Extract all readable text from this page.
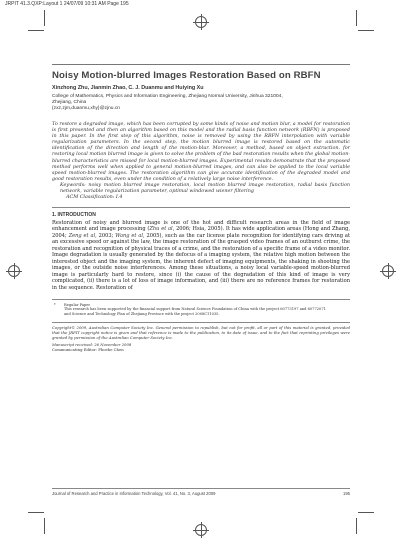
JRPIT 41.3.QXP:Layout 1 24/07/09 10:31 AM Page 195
Noisy Motion-blurred Images Restoration Based on RBFN
Xinzhong Zhu, Jianmin Zhao, C. J. Duanmu and Huiying Xu
College of Mathematics, Physics and Information Engineering, Zhejiang Normal University, Jinhua 321004,
Zhejiang, China
{zxz,zjm,duanmu,xhy}@zjnu.cn
To restore a degraded image, which has been corrupted by some kinds of noise and motion blur, a model for restoration is first presented and then an algorithm based on this model and the radial basis function network (RBFN) is proposed in this paper. In the first step of this algorithm, noise is removed by using the RBFN interpolation with variable regularization parameters. In the second step, the motion blurred image is restored based on the automatic identification of the direction and length of the motion-blur. Moreover, a method, based on object extraction, for restoring local motion blurred image is given to solve the problem of the bad restoration results when the global motion-blurred characteristics are missed for local motion-blurred images. Experimental results demonstrate that the proposed method performs well when applied to general motion-blurred images, and can also be applied to the local variable speed motion-blurred images. The restoration algorithm can give accurate identification of the degraded model and good restoration results, even under the condition of a relatively large noise interference.
Keywords: noisy motion blurred image restoration, local motion blurred image restoration, radial basis function network, variable regularization parameter, optimal windowed wiener filtering
ACM Classification: I.4
1. INTRODUCTION
Restoration of noisy and blurred image is one of the hot and difficult research areas in the field of image enhancement and image processing (Zhu et al, 2006; Hsia, 2005). It has wide application areas (Hong and Zhang, 2004; Zeng et al, 2003; Wang et al, 2005), such as the car license plate recognition for identifying cars driving at an excessive speed or against the law, the image restoration of the grasped video frames of an outburst crime, the restoration and recognition of physical traces of a crime, and the restoration of a specific frame of a video monitor. Image degradation is usually generated by the defocus of a imaging system, the relative high motion between the interested object and the imaging system, the inherent defect of imaging equipments, the shaking in shooting the images, or the outside noise interferences. Among these situations, a noisy local variable-speed motion-blurred image is particularly hard to restore, since (i) the cause of the degradation of this kind of image is very complicated, (ii) there is a lot of loss of image information, and (iii) there are no reference frames for restoration in the sequence. Restoration of
* Regular Paper
This research has been supported by the financial support from Natural Science Foundation of China with the project 60773197 and 60772071
and Science and Technology Plan of Zhejiang Province with the project 2008C11035.
Copyright© 2009, Australian Computer Society Inc. General permission to republish, but not for profit, all or part of this material is granted, provided that the JRPIT copyright notice is given and that reference is made to the publication, to its date of issue, and to the fact that reprinting privileges were granted by permission of the Australian Computer Society Inc.
Manuscript received: 26 November 2008
Communicating Editor: Phoebe Chen
Journal of Research and Practice in Information Technology, Vol. 41, No. 3, August 2009	195
